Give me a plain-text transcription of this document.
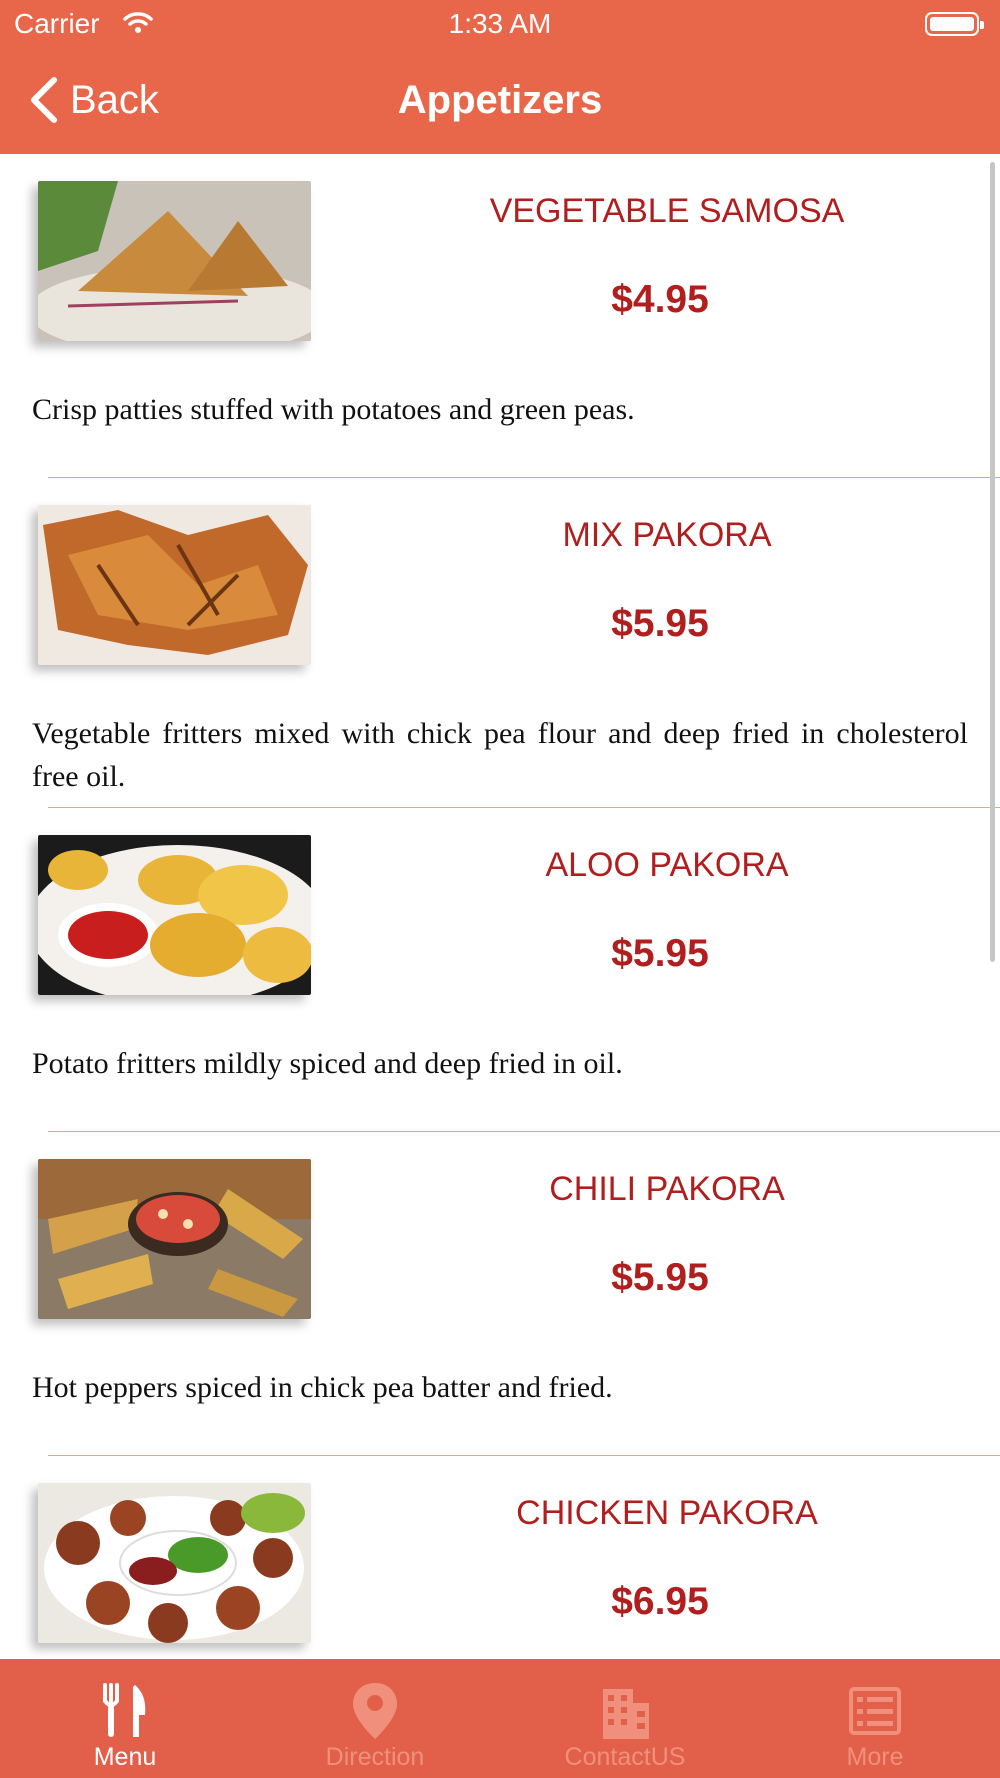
Carrier	1:33 AM
Back	Appetizers
VEGETABLE SAMOSA
$4.95
Crisp patties stuffed with potatoes and green peas.
MIX PAKORA
$5.95
Vegetable fritters mixed with chick pea flour and deep fried in cholesterol free oil.
ALOO PAKORA
$5.95
Potato fritters mildly spiced and deep fried in oil.
CHILI PAKORA
$5.95
Hot peppers spiced in chick pea batter and fried.
CHICKEN PAKORA
$6.95
Menu	Direction	ContactUS	More
